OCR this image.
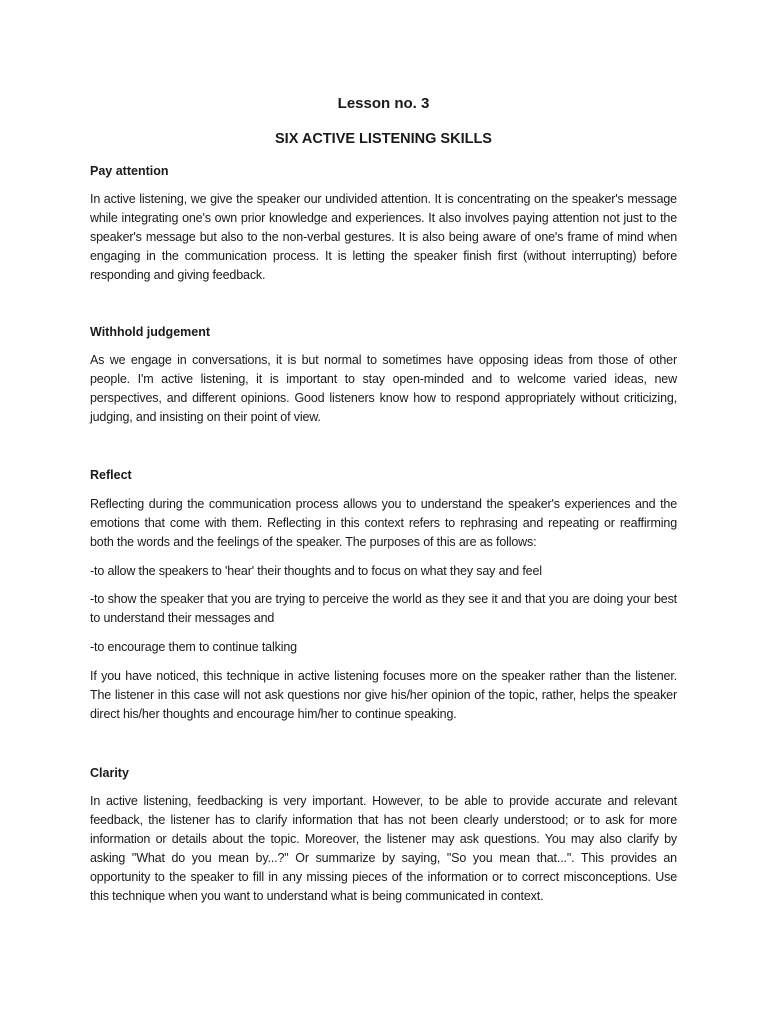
Lesson no. 3
SIX ACTIVE LISTENING SKILLS
Pay attention
In active listening, we give the speaker our undivided attention. It is concentrating on the speaker's message while integrating one's own prior knowledge and experiences. It also involves paying attention not just to the speaker's message but also to the non-verbal gestures. It is also being aware of one's frame of mind when engaging in the communication process. It is letting the speaker finish first (without interrupting) before responding and giving feedback.
Withhold judgement
As we engage in conversations, it is but normal to sometimes have opposing ideas from those of other people. I'm active listening, it is important to stay open-minded and to welcome varied ideas, new perspectives, and different opinions. Good listeners know how to respond appropriately without criticizing, judging, and insisting on their point of view.
Reflect
Reflecting during the communication process allows you to understand the speaker's experiences and the emotions that come with them. Reflecting in this context refers to rephrasing and repeating or reaffirming both the words and the feelings of the speaker. The purposes of this are as follows:
-to allow the speakers to 'hear' their thoughts and to focus on what they say and feel
-to show the speaker that you are trying to perceive the world as they see it and that you are doing your best to understand their messages and
-to encourage them to continue talking
If you have noticed, this technique in active listening focuses more on the speaker rather than the listener. The listener in this case will not ask questions nor give his/her opinion of the topic, rather, helps the speaker direct his/her thoughts and encourage him/her to continue speaking.
Clarity
In active listening, feedbacking is very important. However, to be able to provide accurate and relevant feedback, the listener has to clarify information that has not been clearly understood; or to ask for more information or details about the topic. Moreover, the listener may ask questions. You may also clarify by asking "What do you mean by...?" Or summarize by saying, "So you mean that...". This provides an opportunity to the speaker to fill in any missing pieces of the information or to correct misconceptions. Use this technique when you want to understand what is being communicated in context.
